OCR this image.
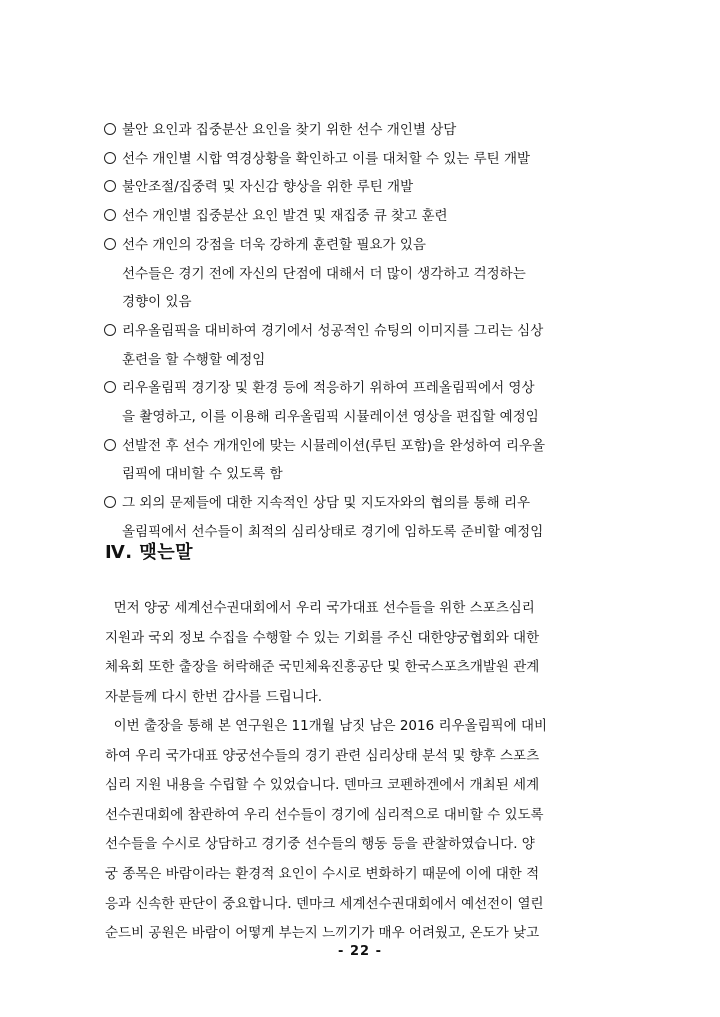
불안 요인과 집중분산 요인을 찾기 위한 선수 개인별 상담
선수 개인별 시합 역경상황을 확인하고 이를 대처할 수 있는 루틴 개발
불안조절/집중력 및 자신감 향상을 위한 루틴 개발
선수 개인별 집중분산 요인 발견 및 재집중 큐 찾고 훈련
선수 개인의 강점을 더욱 강하게 훈련할 필요가 있음
선수들은 경기 전에 자신의 단점에 대해서 더 많이 생각하고 걱정하는
경향이 있음
리우올림픽을 대비하여 경기에서 성공적인 슈팅의 이미지를 그리는 심상
훈련을 할 수행할 예정임
리우올림픽 경기장 및 환경 등에 적응하기 위하여 프레올림픽에서 영상
을 촬영하고, 이를 이용해 리우올림픽 시뮬레이션 영상을 편집할 예정임
선발전 후 선수 개개인에 맞는 시뮬레이션(루틴 포함)을 완성하여 리우올
림픽에 대비할 수 있도록 함
그 외의 문제들에 대한 지속적인 상담 및 지도자와의 협의를 통해 리우
올림픽에서 선수들이 최적의 심리상태로 경기에 임하도록 준비할 예정임
Ⅳ. 맺는말
먼저 양궁 세계선수권대회에서 우리 국가대표 선수들을 위한 스포츠심리
지원과 국외 정보 수집을 수행할 수 있는 기회를 주신 대한양궁협회와 대한
체육회 또한 출장을 허락해준 국민체육진흥공단 및 한국스포츠개발원 관계
자분들께 다시 한번 감사를 드립니다.
이번 출장을 통해 본 연구원은 11개월 남짓 남은 2016 리우올림픽에 대비
하여 우리 국가대표 양궁선수들의 경기 관련 심리상태 분석 및 향후 스포츠
심리 지원 내용을 수립할 수 있었습니다. 덴마크 코펜하겐에서 개최된 세계
선수권대회에 참관하여 우리 선수들이 경기에 심리적으로 대비할 수 있도록
선수들을 수시로 상담하고 경기중 선수들의 행동 등을 관찰하였습니다. 양
궁 종목은 바람이라는 환경적 요인이 수시로 변화하기 때문에 이에 대한 적
응과 신속한 판단이 중요합니다. 덴마크 세계선수권대회에서 예선전이 열린
순드비 공원은 바람이 어떻게 부는지 느끼기가 매우 어려웠고, 온도가 낮고
- 22 -
